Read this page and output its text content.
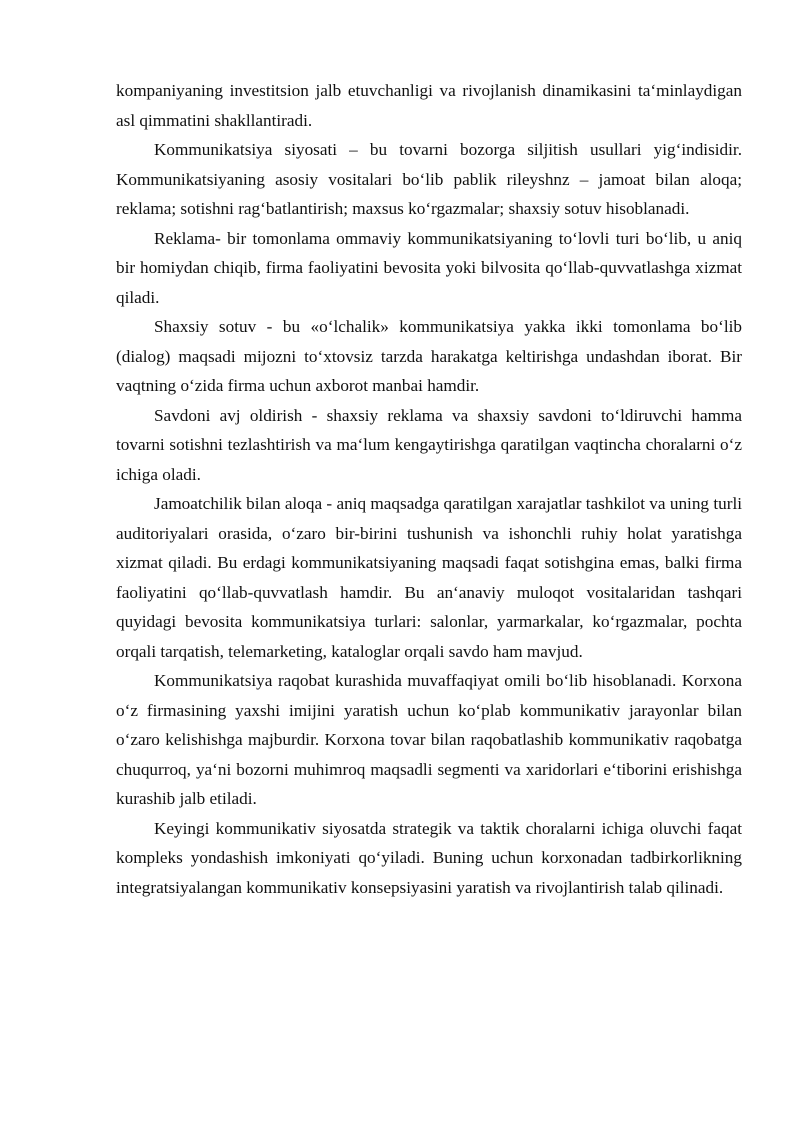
kompaniyaning investitsion jalb etuvchanligi va rivojlanish dinamikasini ta‘minlaydigan asl qimmatini shakllantiradi.

Kommunikatsiya siyosati – bu tovarni bozorga siljitish usullari yig‘indisidir. Kommunikatsiyaning asosiy vositalari bo‘lib pablik rileyshnz – jamoat bilan aloqa; reklama; sotishni rag‘batlantirish; maxsus ko‘rgazmalar; shaxsiy sotuv hisoblanadi.

Reklama- bir tomonlama ommaviy kommunikatsiyaning to‘lovli turi bo‘lib, u aniq bir homiydan chiqib, firma faoliyatini bevosita yoki bilvosita qo‘llab-quvvatlashga xizmat qiladi.

Shaxsiy sotuv - bu «o‘lchalik» kommunikatsiya yakka ikki tomonlama bo‘lib (dialog) maqsadi mijozni to‘xtovsiz tarzda harakatga keltirishga undashdan iborat. Bir vaqtning o‘zida firma uchun axborot manbai hamdir.

Savdoni avj oldirish - shaxsiy reklama va shaxsiy savdoni to‘ldiruvchi hamma tovarni sotishni tezlashtirish va ma‘lum kengaytirishga qaratilgan vaqtincha choralarni o‘z ichiga oladi.

Jamoatchilik bilan aloqa - aniq maqsadga qaratilgan xarajatlar tashkilot va uning turli auditoriyalari orasida, o‘zaro bir-birini tushunish va ishonchli ruhiy holat yaratishga xizmat qiladi. Bu erdagi kommunikatsiyaning maqsadi faqat sotishgina emas, balki firma faoliyatini qo‘llab-quvvatlash hamdir. Bu an‘anaviy muloqot vositalaridan tashqari quyidagi bevosita kommunikatsiya turlari: salonlar, yarmarkalar, ko‘rgazmalar, pochta orqali tarqatish, telemarketing, kataloglar orqali savdo ham mavjud.

Kommunikatsiya raqobat kurashida muvaffaqiyat omili bo‘lib hisoblanadi. Korxona o‘z firmasining yaxshi imijini yaratish uchun ko‘plab kommunikativ jarayonlar bilan o‘zaro kelishishga majburdir. Korxona tovar bilan raqobatlashib kommunikativ raqobatga chuqurroq, ya‘ni bozorni muhimroq maqsadli segmenti va xaridorlari e‘tiborini erishishga kurashib jalb etiladi.

Keyingi kommunikativ siyosatda strategik va taktik choralarni ichiga oluvchi faqat kompleks yondashish imkoniyati qo‘yiladi. Buning uchun korxonadan tadbirkorlikning integratsiyalangan kommunikativ konsepsiyasini yaratish va rivojlantirish talab qilinadi.
